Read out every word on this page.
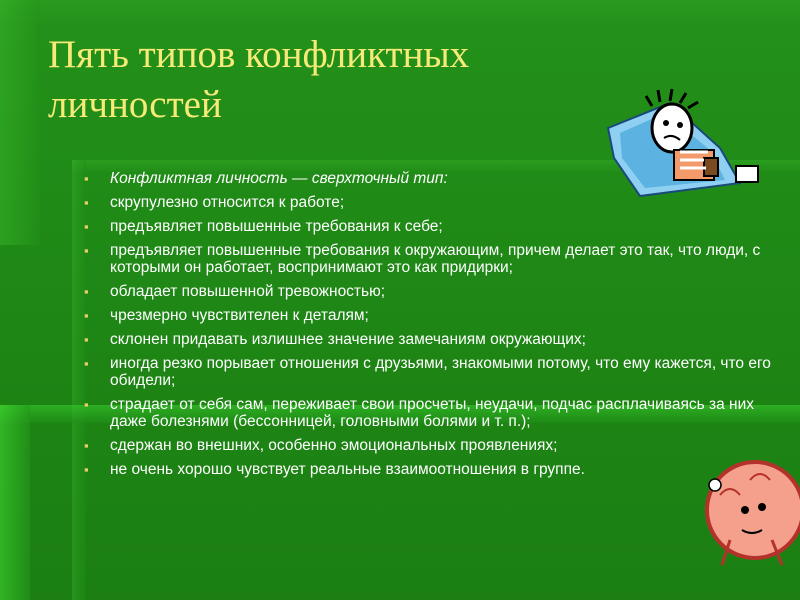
Пять типов конфликтных личностей
▪ Конфликтная личность — сверхточный тип:
▪ скрупулезно относится к работе;
▪ предъявляет повышенные требования к себе;
▪ предъявляет повышенные требования к окружающим, причем делает это так, что люди, с которыми он работает, воспринимают это как придирки;
▪ обладает повышенной тревожностью;
▪ чрезмерно чувствителен к деталям;
▪ склонен придавать излишнее значение замечаниям окружающих;
▪ иногда резко порывает отношения с друзьями, знакомыми потому, что ему кажется, что его обидели;
▪ страдает от себя сам, переживает свои просчеты, неудачи, подчас расплачиваясь за них даже болезнями (бессонницей, головными болями и т. п.);
▪ сдержан во внешних, особенно эмоциональных проявлениях;
▪ не очень хорошо чувствует реальные взаимоотношения в группе.
